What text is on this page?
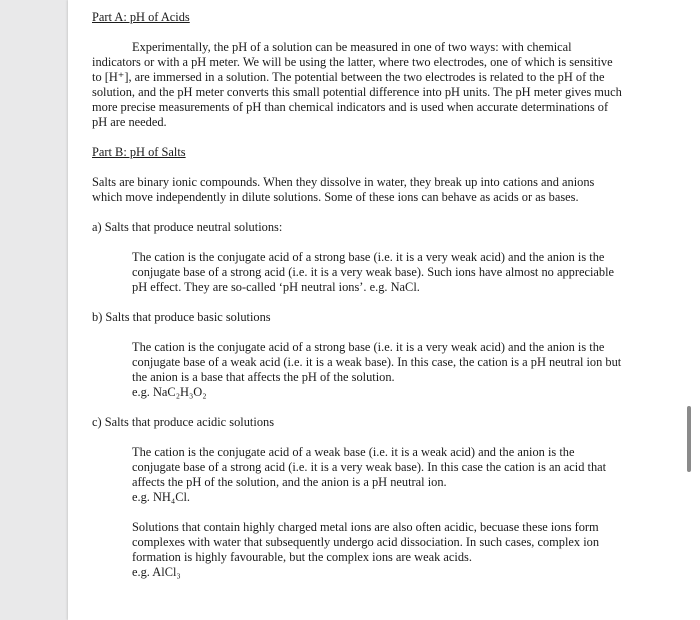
Part A: pH of Acids

Experimentally, the pH of a solution can be measured in one of two ways: with chemical indicators or with a pH meter. We will be using the latter, where two electrodes, one of which is sensitive to [H⁺], are immersed in a solution. The potential between the two electrodes is related to the pH of the solution, and the pH meter converts this small potential difference into pH units. The pH meter gives much more precise measurements of pH than chemical indicators and is used when accurate determinations of pH are needed.

Part B: pH of Salts

Salts are binary ionic compounds. When they dissolve in water, they break up into cations and anions which move independently in dilute solutions. Some of these ions can behave as acids or as bases.

a) Salts that produce neutral solutions:

The cation is the conjugate acid of a strong base (i.e. it is a very weak acid) and the anion is the conjugate base of a strong acid (i.e. it is a very weak base). Such ions have almost no appreciable pH effect. They are so-called ‘pH neutral ions’. e.g. NaCl.

b) Salts that produce basic solutions

The cation is the conjugate acid of a strong base (i.e. it is a very weak acid) and the anion is the conjugate base of a weak acid (i.e. it is a weak base). In this case, the cation is a pH neutral ion but the anion is a base that affects the pH of the solution.

e.g. NaC₂H₃O₂

c) Salts that produce acidic solutions

The cation is the conjugate acid of a weak base (i.e. it is a weak acid) and the anion is the conjugate base of a strong acid (i.e. it is a very weak base). In this case the cation is an acid that affects the pH of the solution, and the anion is a pH neutral ion.

e.g. NH₄Cl.

Solutions that contain highly charged metal ions are also often acidic, becuase these ions form complexes with water that subsequently undergo acid dissociation. In such cases, complex ion formation is highly favourable, but the complex ions are weak acids.

e.g. AlCl₃
